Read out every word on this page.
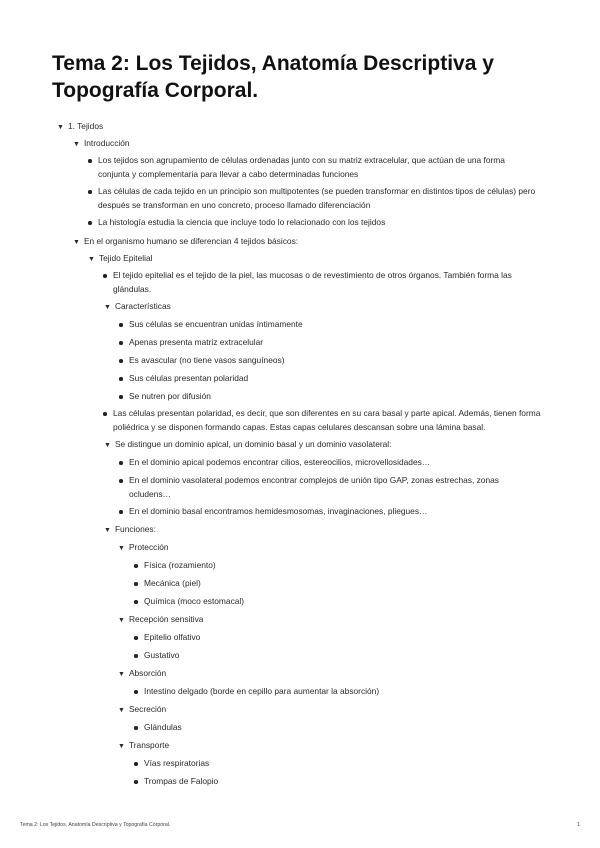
Tema 2: Los Tejidos, Anatomía Descriptiva y Topografía Corporal.
▼ 1. Tejidos
▼ Introducción
Los tejidos son agrupamiento de células ordenadas junto con su matriz extracelular, que actúan de una forma conjunta y complementaria para llevar a cabo determinadas funciones
Las células de cada tejido en un principio son multipotentes (se pueden transformar en distintos tipos de células) pero después se transforman en uno concreto, proceso llamado diferenciación
La histología estudia la ciencia que incluye todo lo relacionado con los tejidos
▼ En el organismo humano se diferencian 4 tejidos básicos:
▼ Tejido Epitelial
El tejido epitelial es el tejido de la piel, las mucosas o de revestimiento de otros órganos. También forma las glándulas.
▼ Características
Sus células se encuentran unidas íntimamente
Apenas presenta matriz extracelular
Es avascular (no tiene vasos sanguíneos)
Sus células presentan polaridad
Se nutren por difusión
Las células presentan polaridad, es decir, que son diferentes en su cara basal y parte apical. Además, tienen forma poliédrica y se disponen formando capas. Estas capas celulares descansan sobre una lámina basal.
▼ Se distingue un dominio apical, un dominio basal y un dominio vasolateral:
En el dominio apical podemos encontrar cilios, estereocilios, microvellosidades…
En el dominio vasolateral podemos encontrar complejos de unión tipo GAP, zonas estrechas, zonas ocludens…
En el dominio basal encontramos hemidesmosomas, invaginaciones, pliegues…
▼ Funciones:
▼ Protección
Física (rozamiento)
Mecánica (piel)
Química (moco estomacal)
▼ Recepción sensitiva
Epitelio olfativo
Gustativo
▼ Absorción
Intestino delgado (borde en cepillo para aumentar la absorción)
▼ Secreción
Glándulas
▼ Transporte
Vías respiratorias
Trompas de Falopio
Tema 2: Los Tejidos, Anatomía Descriptiva y Topografía Corporal.	1
